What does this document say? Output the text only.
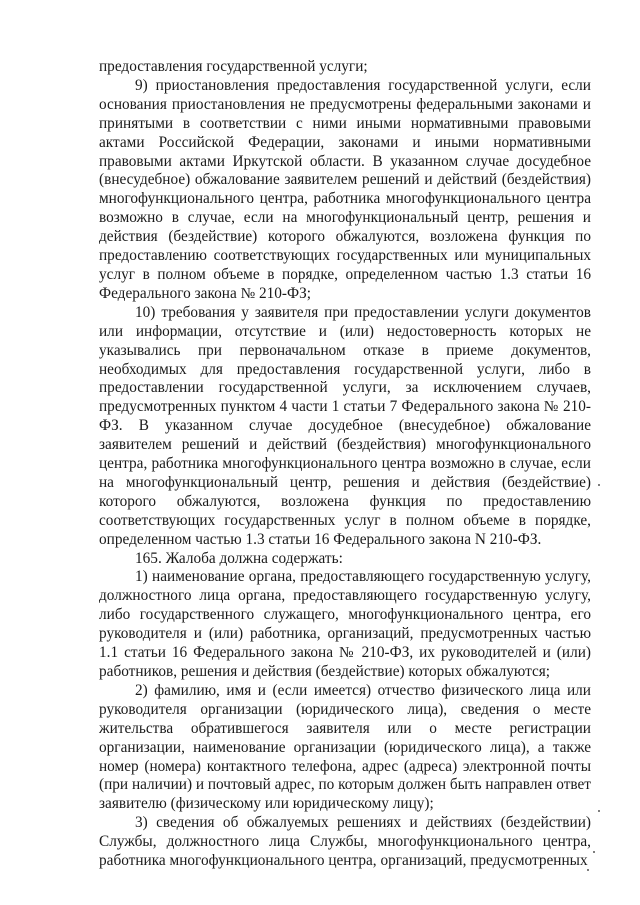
предоставления государственной услуги;

9) приостановления предоставления государственной услуги, если основания приостановления не предусмотрены федеральными законами и принятыми в соответствии с ними иными нормативными правовыми актами Российской Федерации, законами и иными нормативными правовыми актами Иркутской области. В указанном случае досудебное (внесудебное) обжалование заявителем решений и действий (бездействия) многофункционального центра, работника многофункционального центра возможно в случае, если на многофункциональный центр, решения и действия (бездействие) которого обжалуются, возложена функция по предоставлению соответствующих государственных или муниципальных услуг в полном объеме в порядке, определенном частью 1.3 статьи 16 Федерального закона № 210-ФЗ;

10) требования у заявителя при предоставлении услуги документов или информации, отсутствие и (или) недостоверность которых не указывались при первоначальном отказе в приеме документов, необходимых для предоставления государственной услуги, либо в предоставлении государственной услуги, за исключением случаев, предусмотренных пунктом 4 части 1 статьи 7 Федерального закона № 210-ФЗ. В указанном случае досудебное (внесудебное) обжалование заявителем решений и действий (бездействия) многофункционального центра, работника многофункционального центра возможно в случае, если на многофункциональный центр, решения и действия (бездействие) которого обжалуются, возложена функция по предоставлению соответствующих государственных услуг в полном объеме в порядке, определенном частью 1.3 статьи 16 Федерального закона N 210-ФЗ.

165. Жалоба должна содержать:

1) наименование органа, предоставляющего государственную услугу, должностного лица органа, предоставляющего государственную услугу, либо государственного служащего, многофункционального центра, его руководителя и (или) работника, организаций, предусмотренных частью 1.1 статьи 16 Федерального закона № 210-ФЗ, их руководителей и (или) работников, решения и действия (бездействие) которых обжалуются;

2) фамилию, имя и (если имеется) отчество физического лица или руководителя организации (юридического лица), сведения о месте жительства обратившегося заявителя или о месте регистрации организации, наименование организации (юридического лица), а также номер (номера) контактного телефона, адрес (адреса) электронной почты (при наличии) и почтовый адрес, по которым должен быть направлен ответ заявителю (физическому или юридическому лицу);

3) сведения об обжалуемых решениях и действиях (бездействии) Службы, должностного лица Службы, многофункционального центра, работника многофункционального центра, организаций, предусмотренных
